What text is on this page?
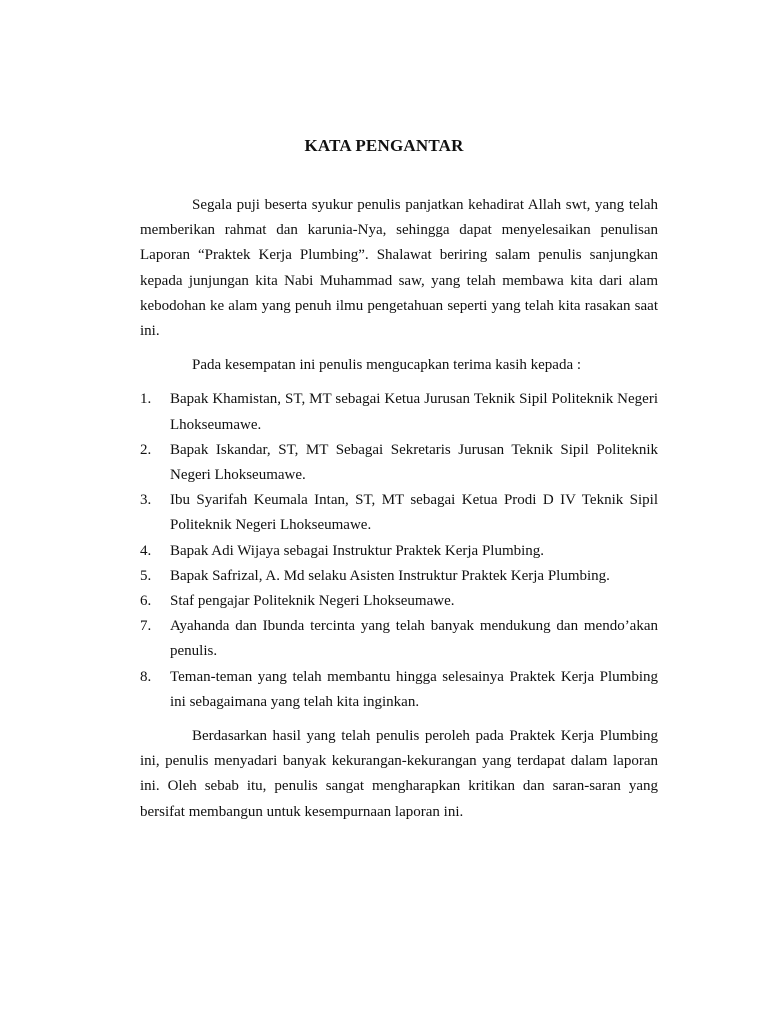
KATA PENGANTAR

Segala puji beserta syukur penulis panjatkan kehadirat Allah swt, yang telah memberikan rahmat dan karunia-Nya, sehingga dapat menyelesaikan penulisan Laporan “Praktek Kerja Plumbing”. Shalawat beriring salam penulis sanjungkan kepada junjungan kita Nabi Muhammad saw, yang telah membawa kita dari alam kebodohan ke alam yang penuh ilmu pengetahuan seperti yang telah kita rasakan saat ini.

Pada kesempatan ini penulis mengucapkan terima kasih kepada :

1. Bapak Khamistan, ST, MT sebagai Ketua Jurusan Teknik Sipil Politeknik Negeri Lhokseumawe.
2. Bapak Iskandar, ST, MT Sebagai Sekretaris Jurusan Teknik Sipil Politeknik Negeri Lhokseumawe.
3. Ibu Syarifah Keumala Intan, ST, MT sebagai Ketua Prodi D IV Teknik Sipil Politeknik Negeri Lhokseumawe.
4. Bapak Adi Wijaya sebagai Instruktur Praktek Kerja Plumbing.
5. Bapak Safrizal, A. Md selaku Asisten Instruktur Praktek Kerja Plumbing.
6. Staf pengajar Politeknik Negeri Lhokseumawe.
7. Ayahanda dan Ibunda tercinta yang telah banyak mendukung dan mendo’akan penulis.
8. Teman-teman yang telah membantu hingga selesainya Praktek Kerja Plumbing ini sebagaimana yang telah kita inginkan.

Berdasarkan hasil yang telah penulis peroleh pada Praktek Kerja Plumbing ini, penulis menyadari banyak kekurangan-kekurangan yang terdapat dalam laporan ini. Oleh sebab itu, penulis sangat mengharapkan kritikan dan saran-saran yang bersifat membangun untuk kesempurnaan laporan ini.
